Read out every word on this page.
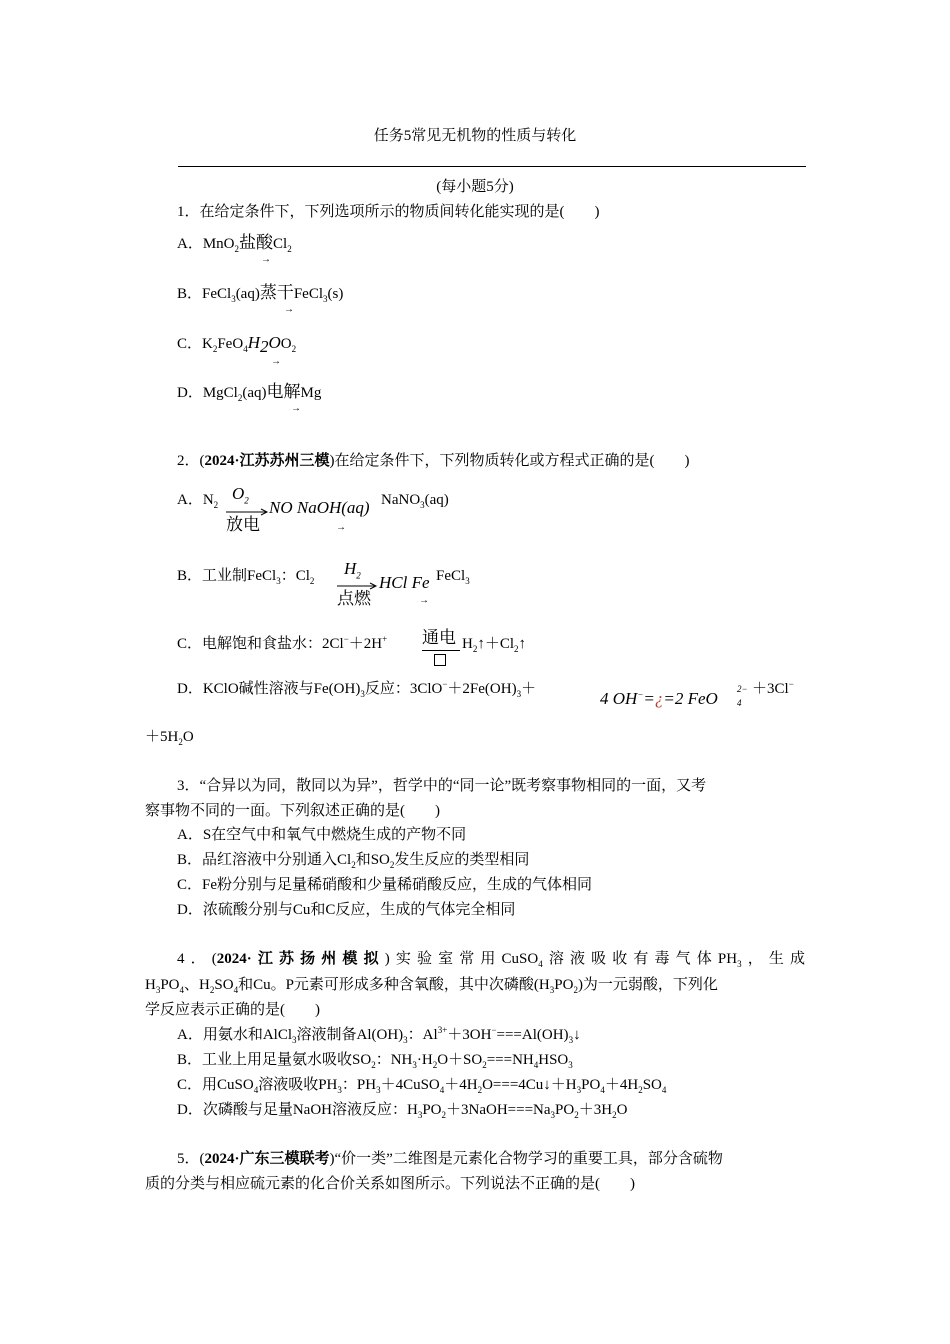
任务5常见无机物的性质与转化
(每小题5分)
1．在给定条件下，下列选项所示的物质间转化能实现的是(　　)
A．MnO$_2$盐酸$Cl_2$
→
B．FeCl$_3$(aq)蒸干FeCl$_3$(s)
→
C．$K_2FeO_4H_2OO_2$
→
D．MgCl$_2$(aq)电解Mg
→
2．(2024·江苏苏州三模)在给定条件下，下列物质转化或方程式正确的是(　　)
A．$N_2$
$O_2$
放电
NO NaOH(aq) NaNO$_3$(aq)
→
B．工业制FeCl$_3$：$Cl_2$
$H_2$
点燃
HCl Fe FeCl$_3$
→
C．电解饱和食盐水：2Cl−＋2H+ 通电 $H_2↑+Cl_2↑$
D．KClO碱性溶液与$Fe(OH)_3$反应：$3ClO^-+2Fe(OH)_3+$	4 OH−=¿=2 FeO 2−
4
＋3Cl−
$+5H_2O$
3．“合异以为同，散同以为异”，哲学中的“同一论”既考察事物相同的一面，又考
察事物不同的一面。下列叙述正确的是(　　)
A．S在空气中和氧气中燃烧生成的产物不同
B．品红溶液中分别通入$Cl_2$和$SO_2$发生反应的类型相同
C．Fe粉分别与足量稀硝酸和少量稀硝酸反应，生成的气体相同
D．浓硫酸分别与Cu和C反应，生成的气体完全相同
4．(2024·江苏扬州模拟)实验室常用CuSO$_4$溶液吸收有毒气体$PH_3$，生成
$H_3PO_4$、$H_2SO_4$和Cu。P元素可形成多种含氧酸，其中次磷酸$(H_3PO_2)$为一元弱酸，下列化
学反应表示正确的是(　　)
A．用氨水和AlCl$_3$溶液制备$Al(OH)_3$：$Al^{3+}+3OH^-===Al(OH)_3↓$
B．工业上用足量氨水吸收$SO_2$：$NH_3\cdot H_2O+SO_2===NH_4HSO_3$
C．用CuSO$_4$溶液吸收$PH_3$：$PH_3+4CuSO_4+4H_2O===4Cu↓+H_3PO_4+4H_2SO_4$
D．次磷酸与足量NaOH溶液反应：$H_3PO_2+3NaOH===Na_3PO_2+3H_2O$
5．(2024·广东三模联考)“价一类”二维图是元素化合物学习的重要工具，部分含硫物
质的分类与相应硫元素的化合价关系如图所示。下列说法不正确的是(　　)
